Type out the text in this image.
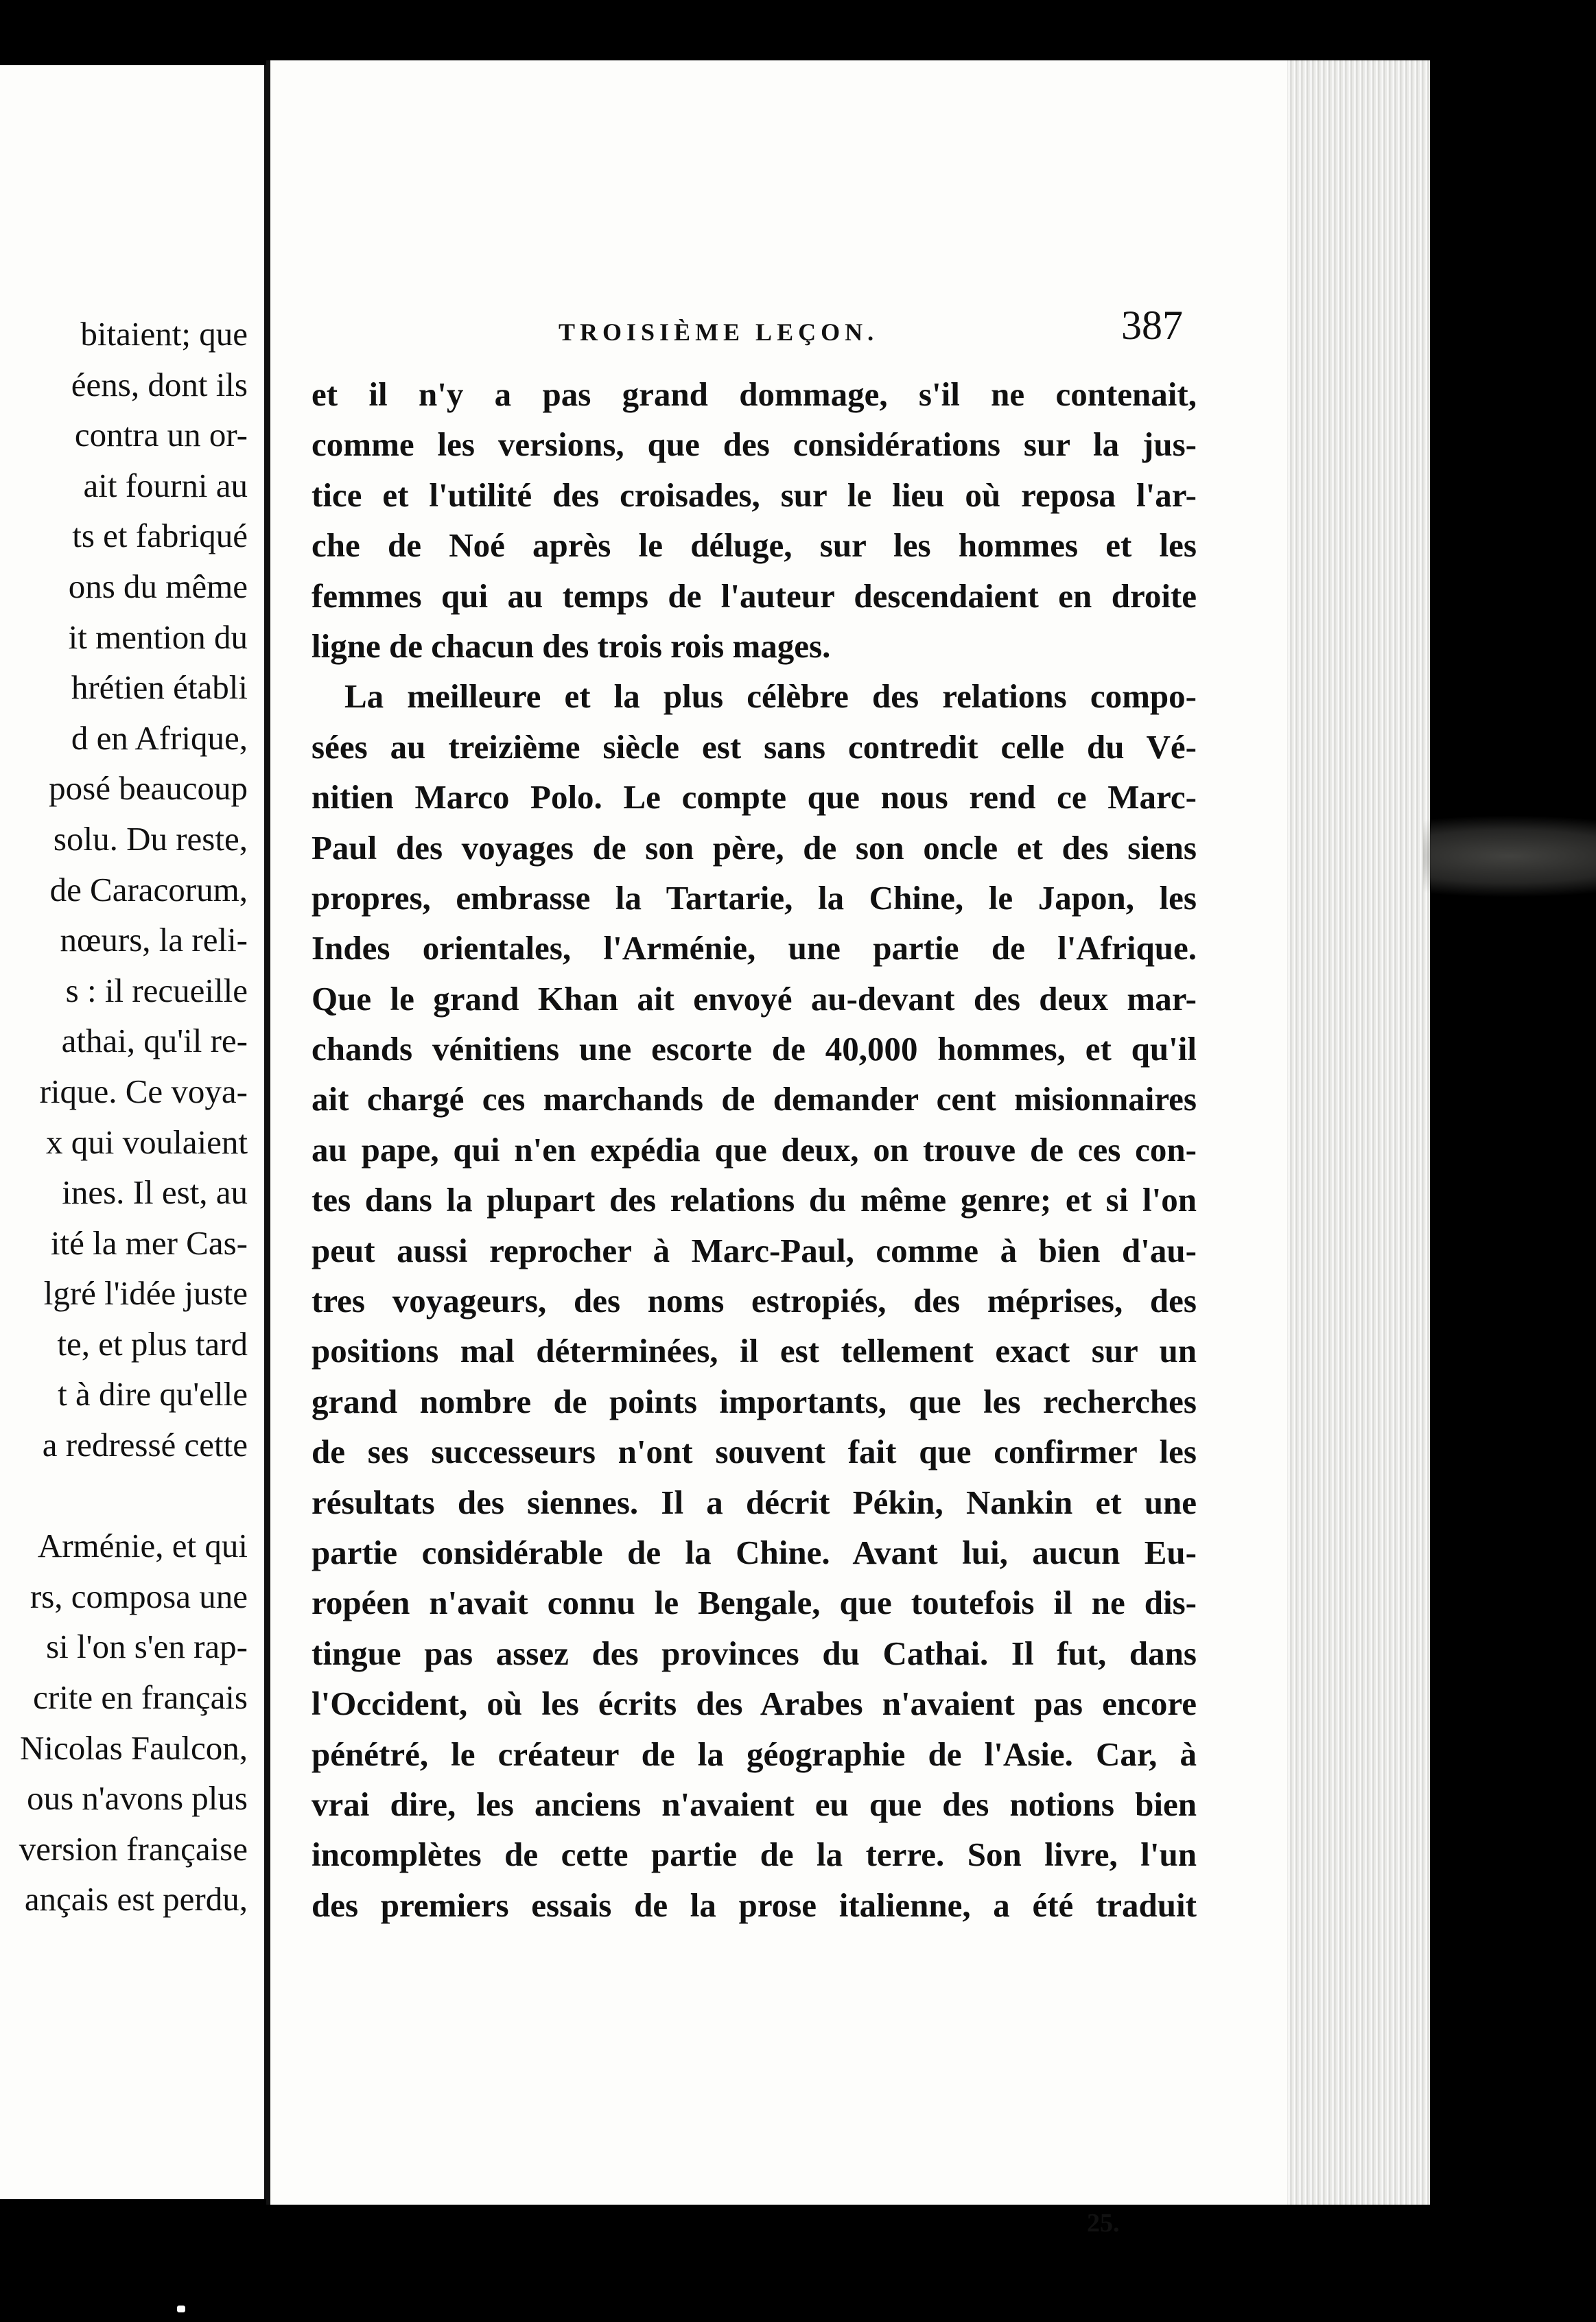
bitaient; que
éens, dont ils
contra un or-
ait fourni au
ts et fabriqué
ons du même
it mention du
hrétien établi
d en Afrique,
posé beaucoup
solu. Du reste,
de Caracorum,
nœurs, la reli-
s : il recueille
athai, qu'il re-
rique. Ce voya-
x qui voulaient
ines. Il est, au
ité la mer Cas-
lgré l'idée juste
te, et plus tard
t à dire qu'elle
a redressé cette
Arménie, et qui
rs, composa une
si l'on s'en rap-
crite en français
Nicolas Faulcon,
ous n'avons plus
version française
ançais est perdu,
TROISIÈME LEÇON.	387
et il n'y a pas grand dommage, s'il ne contenait,
comme les versions, que des considérations sur la jus-
tice et l'utilité des croisades, sur le lieu où reposa l'ar-
che de Noé après le déluge, sur les hommes et les
femmes qui au temps de l'auteur descendaient en droite
ligne de chacun des trois rois mages.
La meilleure et la plus célèbre des relations compo-
sées au treizième siècle est sans contredit celle du Vé-
nitien Marco Polo. Le compte que nous rend ce Marc-
Paul des voyages de son père, de son oncle et des siens
propres, embrasse la Tartarie, la Chine, le Japon, les
Indes orientales, l'Arménie, une partie de l'Afrique.
Que le grand Khan ait envoyé au-devant des deux mar-
chands vénitiens une escorte de 40,000 hommes, et qu'il
ait chargé ces marchands de demander cent misionnaires
au pape, qui n'en expédia que deux, on trouve de ces con-
tes dans la plupart des relations du même genre; et si l'on
peut aussi reprocher à Marc-Paul, comme à bien d'au-
tres voyageurs, des noms estropiés, des méprises, des
positions mal déterminées, il est tellement exact sur un
grand nombre de points importants, que les recherches
de ses successeurs n'ont souvent fait que confirmer les
résultats des siennes. Il a décrit Pékin, Nankin et une
partie considérable de la Chine. Avant lui, aucun Eu-
ropéen n'avait connu le Bengale, que toutefois il ne dis-
tingue pas assez des provinces du Cathai. Il fut, dans
l'Occident, où les écrits des Arabes n'avaient pas encore
pénétré, le créateur de la géographie de l'Asie. Car, à
vrai dire, les anciens n'avaient eu que des notions bien
incomplètes de cette partie de la terre. Son livre, l'un
des premiers essais de la prose italienne, a été traduit
25.
